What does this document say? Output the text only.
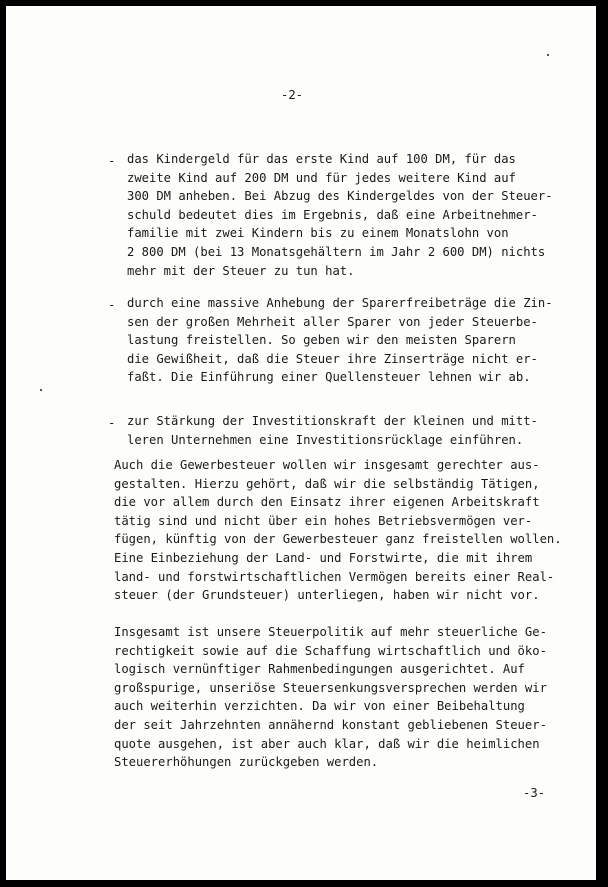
-2-
- das Kindergeld für das erste Kind auf 100 DM, für das
zweite Kind auf 200 DM und für jedes weitere Kind auf
300 DM anheben. Bei Abzug des Kindergeldes von der Steuer-
schuld bedeutet dies im Ergebnis, daß eine Arbeitnehmer-
familie mit zwei Kindern bis zu einem Monatslohn von
2 800 DM (bei 13 Monatsgehältern im Jahr 2 600 DM) nichts
mehr mit der Steuer zu tun hat.
- durch eine massive Anhebung der Sparerfreibeträge die Zin-
sen der großen Mehrheit aller Sparer von jeder Steuerbe-
lastung freistellen. So geben wir den meisten Sparern
die Gewißheit, daß die Steuer ihre Zinserträge nicht er-
faßt. Die Einführung einer Quellensteuer lehnen wir ab.
- zur Stärkung der Investitionskraft der kleinen und mitt-
leren Unternehmen eine Investitionsrücklage einführen.
Auch die Gewerbesteuer wollen wir insgesamt gerechter aus-
gestalten. Hierzu gehört, daß wir die selbständig Tätigen,
die vor allem durch den Einsatz ihrer eigenen Arbeitskraft
tätig sind und nicht über ein hohes Betriebsvermögen ver-
fügen, künftig von der Gewerbesteuer ganz freistellen wollen.
Eine Einbeziehung der Land- und Forstwirte, die mit ihrem
land- und forstwirtschaftlichen Vermögen bereits einer Real-
steuer (der Grundsteuer) unterliegen, haben wir nicht vor.
Insgesamt ist unsere Steuerpolitik auf mehr steuerliche Ge-
rechtigkeit sowie auf die Schaffung wirtschaftlich und öko-
logisch vernünftiger Rahmenbedingungen ausgerichtet. Auf
großspurige, unseriöse Steuersenkungsversprechen werden wir
auch weiterhin verzichten. Da wir von einer Beibehaltung
der seit Jahrzehnten annähernd konstant gebliebenen Steuer-
quote ausgehen, ist aber auch klar, daß wir die heimlichen
Steuererhöhungen zurückgeben werden.
-3-
